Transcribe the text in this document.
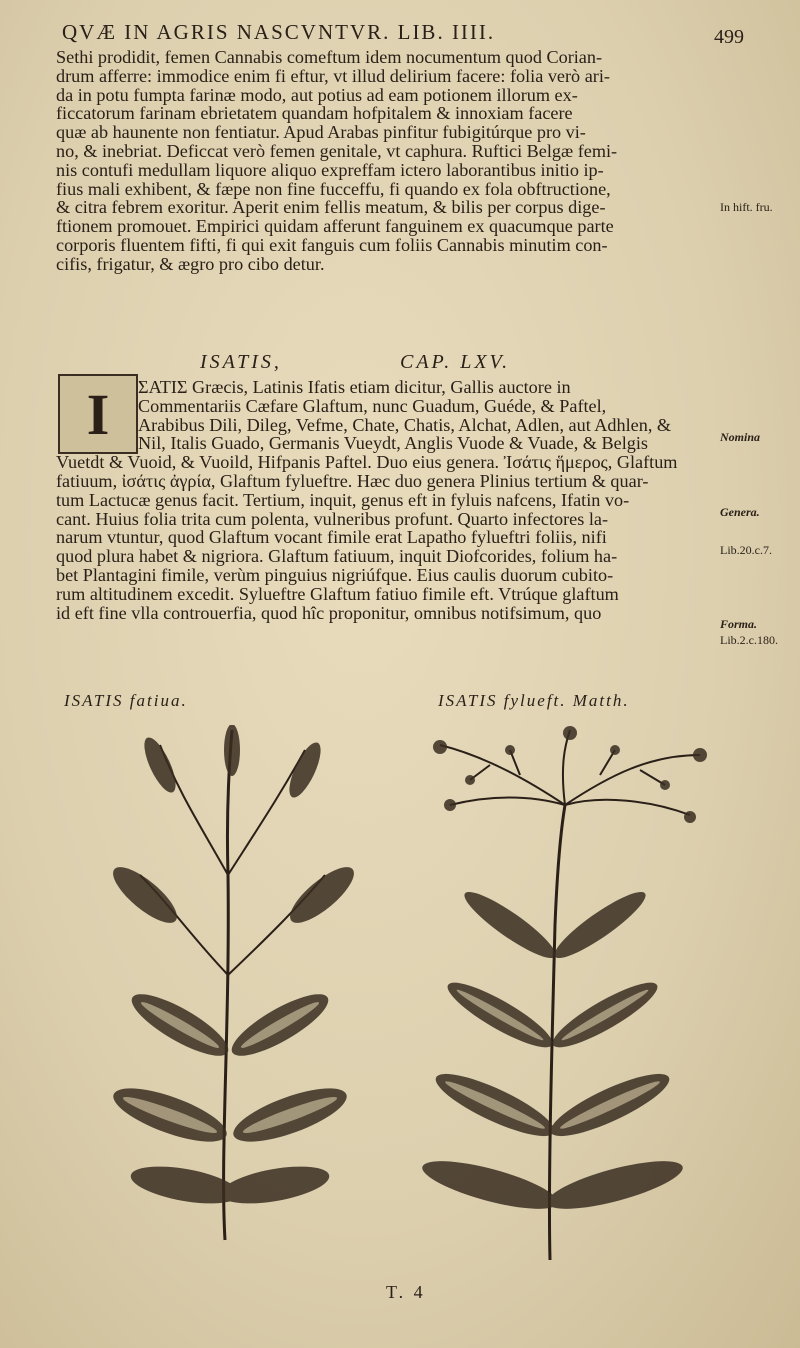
QVÆ IN AGRIS NASCVNTVR. LIB. IIII.	499

Sethi prodidit, femen Cannabis comeftum idem nocumentum quod Corian-

drum afferre: immodice enim fi eftur, vt illud delirium facere: folia verò ari-

da in potu fumpta farinæ modo, aut potius ad eam potionem illorum ex-

ficcatorum farinam ebrietatem quandam hofpitalem & innoxiam facere

quæ ab haunente non fentiatur. Apud Arabas pinfitur fubigitúrque pro vi-

no, & inebriat. Deficcat verò femen genitale, vt caphura. Ruftici Belgæ femi-

nis contufi medullam liquore aliquo expreffam ictero laborantibus initio ip-

fius mali exhibent, & fæpe non fine fucceffu, fi quando ex fola obftructione,

& citra febrem exoritur. Aperit enim fellis meatum, & bilis per corpus dige-

ftionem promouet. Empirici quidam afferunt fanguinem ex quacumque parte

corporis fluentem fifti, fi qui exit fanguis cum foliis Cannabis minutim con-

cifis, frigatur, & ægro pro cibo detur.

In hift. fru.
ISATIS,	CAP. LXV.
I	ΣΑΤΙΣ Græcis, Latinis Ifatis etiam dicitur, Gallis auctore in

Commentariis Cæfare Glaftum, nunc Guadum, Guéde, & Paftel,

Arabibus Dili, Dileg, Vefme, Chate, Chatis, Alchat, Adlen, aut Adhlen, &

Nil, Italis Guado, Germanis Vueydt, Anglis Vuode & Vuade, & Belgis

Vuetdt & Vuoid, & Vuoild, Hifpanis Paftel. Duo eius genera. Ἰσάτις ἥμερος, Glaftum

fatiuum, ἰσάτις ἀγρία, Glaftum fylueftre. Hæc duo genera Plinius tertium & quar-

tum Lactucæ genus facit. Tertium, inquit, genus eft in fyluis nafcens, Ifatin vo-

cant. Huius folia trita cum polenta, vulneribus profunt. Quarto infectores la-

narum vtuntur, quod Glaftum vocant fimile erat Lapatho fylueftri foliis, nifi

quod plura habet & nigriora. Glaftum fatiuum, inquit Diofcorides, folium ha-

bet Plantagini fimile, verùm pinguius nigriúfque. Eius caulis duorum cubito-

rum altitudinem excedit. Sylueftre Glaftum fatiuo fimile eft. Vtrúque glaftum

id eft fine vlla controuerfia, quod hîc proponitur, omnibus notifsimum, quo

Nomina
Genera.
Lib.20.c.7.
Forma.
Lib.2.c.180.
ISATIS fatiua.	ISATIS fylueft. Matth.
T. 4
